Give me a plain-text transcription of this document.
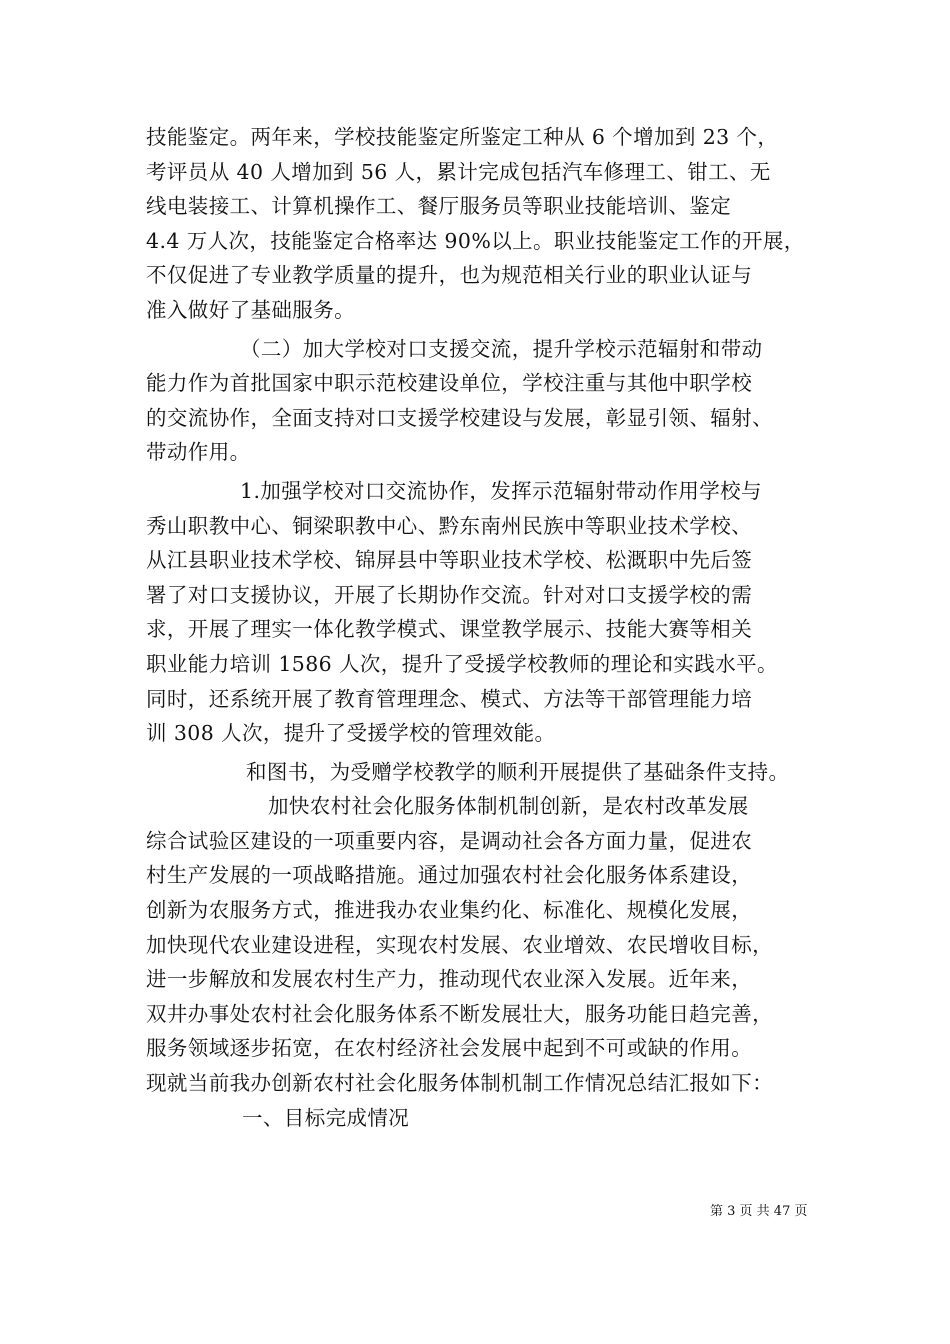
技能鉴定。两年来，学校技能鉴定所鉴定工种从 6 个增加到 23 个，
考评员从 40 人增加到 56 人，累计完成包括汽车修理工、钳工、无
线电装接工、计算机操作工、餐厅服务员等职业技能培训、鉴定
4.4 万人次，技能鉴定合格率达 90%以上。职业技能鉴定工作的开展，
不仅促进了专业教学质量的提升，也为规范相关行业的职业认证与
准入做好了基础服务。
（二）加大学校对口支援交流，提升学校示范辐射和带动
能力作为首批国家中职示范校建设单位，学校注重与其他中职学校
的交流协作，全面支持对口支援学校建设与发展，彰显引领、辐射、
带动作用。
1.加强学校对口交流协作，发挥示范辐射带动作用学校与
秀山职教中心、铜梁职教中心、黔东南州民族中等职业技术学校、
从江县职业技术学校、锦屏县中等职业技术学校、松溉职中先后签
署了对口支援协议，开展了长期协作交流。针对对口支援学校的需
求，开展了理实一体化教学模式、课堂教学展示、技能大赛等相关
职业能力培训 1586 人次，提升了受援学校教师的理论和实践水平。
同时，还系统开展了教育管理理念、模式、方法等干部管理能力培
训 308 人次，提升了受援学校的管理效能。
和图书，为受赠学校教学的顺利开展提供了基础条件支持。
加快农村社会化服务体制机制创新，是农村改革发展
综合试验区建设的一项重要内容，是调动社会各方面力量，促进农
村生产发展的一项战略措施。通过加强农村社会化服务体系建设，
创新为农服务方式，推进我办农业集约化、标准化、规模化发展，
加快现代农业建设进程，实现农村发展、农业增效、农民增收目标，
进一步解放和发展农村生产力，推动现代农业深入发展。近年来，
双井办事处农村社会化服务体系不断发展壮大，服务功能日趋完善，
服务领域逐步拓宽，在农村经济社会发展中起到不可或缺的作用。
现就当前我办创新农村社会化服务体制机制工作情况总结汇报如下：
一、目标完成情况
第 3 页 共 47 页
